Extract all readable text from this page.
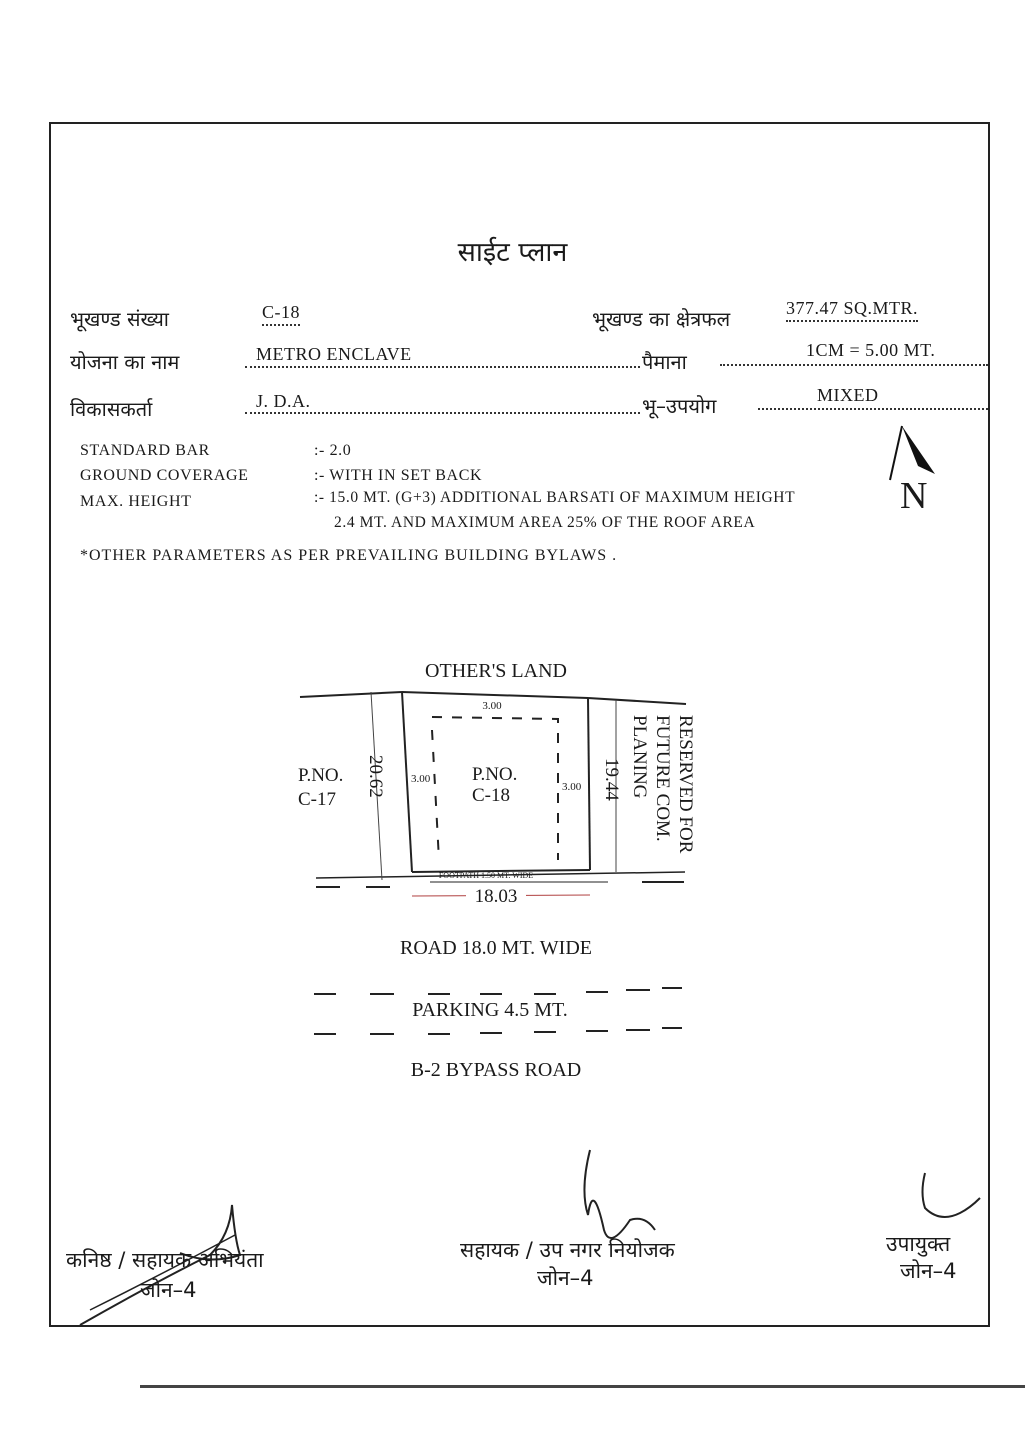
साईट प्लान
भूखण्ड संख्या	C-18	भूखण्ड का क्षेत्रफल	377.47 SQ.MTR.
योजना का नाम	METRO ENCLAVE	पैमाना	1CM = 5.00 MT.
विकासकर्ता	J. D.A.	भू–उपयोग	MIXED
STANDARD BAR	:- 2.0
GROUND COVERAGE	:- WITH IN SET BACK
MAX. HEIGHT	:- 15.0 MT. (G+3) ADDITIONAL BARSATI OF MAXIMUM HEIGHT
2.4 MT. AND MAXIMUM AREA 25% OF THE ROOF AREA
*OTHER PARAMETERS AS PER PREVAILING BUILDING BYLAWS .
N
OTHER'S LAND
3.00
3.00
3.00
P.NO.
C-17
P.NO.
C-18
20.62	19.44	RESERVED FOR
FUTURE COM.
PLANING
FOOTPATH 1.50 MT. WIDE
18.03
ROAD 18.0 MT. WIDE
PARKING 4.5 MT.
B-2 BYPASS ROAD
कनिष्ठ / सहायक अभियंता
जोन–4
सहायक / उप नगर नियोजक
जोन–4
उपायुक्त
जोन–4
